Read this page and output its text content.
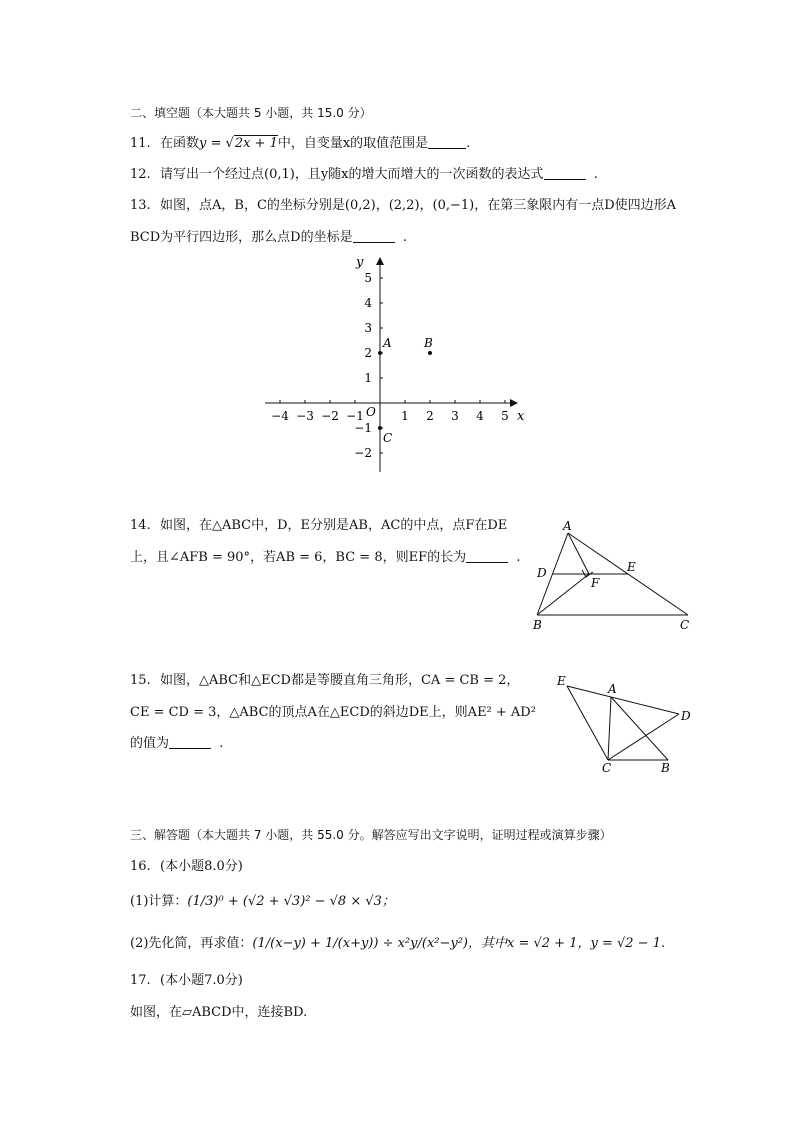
二、填空题（本大题共 5 小题，共 15.0 分）
11. 在函数y = √2x + 1中，自变量x的取值范围是	.
12. 请写出一个经过点(0,1)，且y随x的增大而增大的一次函数的表达式	.
13. 如图，点A，B，C的坐标分别是(0,2)，(2,2)，(0,−1)，在第三象限内有一点D使四边形A
BCD为平行四边形，那么点D的坐标是	.
−4 −3 −2 −1	1 2 3 4 5
5
4
3
2
1
−1
−2
x
y
O
A	B
C
14. 如图，在△ABC中，D，E分别是AB，AC的中点，点F在DE
上，且∠AFB = 90°，若AB = 6，BC = 8，则EF的长为	.
A
B	C
D	E
F
15. 如图，△ABC和△ECD都是等腰直角三角形，CA = CB = 2，
CE = CD = 3，△ABC的顶点A在△ECD的斜边DE上，则AE² + AD²
的值为	.
E
A
D
C	B
三、解答题（本大题共 7 小题，共 55.0 分。解答应写出文字说明，证明过程或演算步骤）
16. (本小题8.0分)
(1)计算：(1/3)⁰ + (√2 + √3)² − √8 × √3；
(2)先化简，再求值：(1/(x−y) + 1/(x+y)) ÷ x²y/(x²−y²)，其中x = √2 + 1，y = √2 − 1.
17. (本小题7.0分)
如图，在▱ABCD中，连接BD.
